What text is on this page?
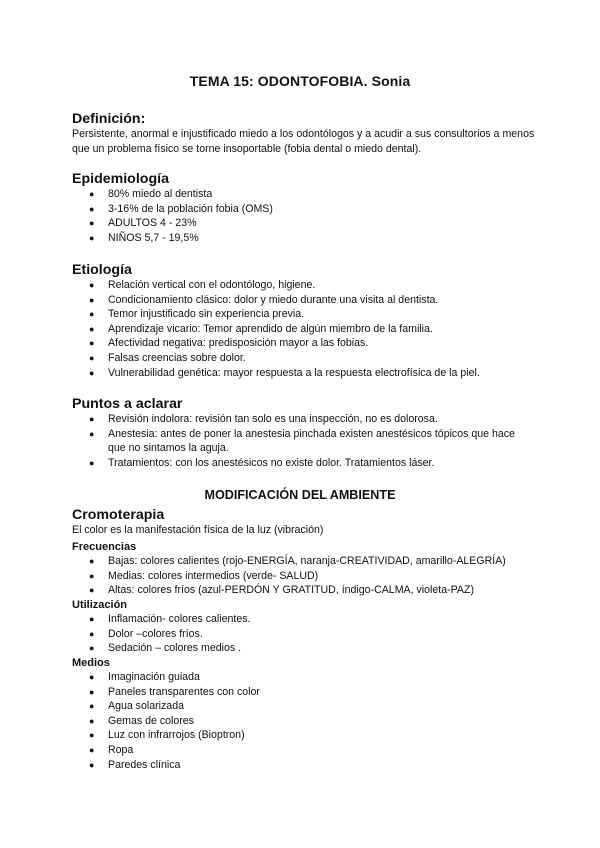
TEMA 15: ODONTOFOBIA. Sonia
Definición:
Persistente, anormal e injustificado miedo a los odontólogos y a acudir a sus consultorios a menos que un problema físico se torne insoportable (fobia dental o miedo dental).
Epidemiología
● 80% miedo al dentista
● 3-16% de la población fobia (OMS)
● ADULTOS 4 - 23%
● NIÑOS 5,7 - 19,5%
Etiología
● Relación vertical con el odontólogo, higiene.
● Condicionamiento clásico: dolor y miedo durante una visita al dentista.
● Temor injustificado sin experiencia previa.
● Aprendizaje vicario: Temor aprendido de algún miembro de la familia.
● Afectividad negativa: predisposición mayor a las fobias.
● Falsas creencias sobre dolor.
● Vulnerabilidad genética: mayor respuesta a la respuesta electrofísica de la piel.
Puntos a aclarar
● Revisión indolora: revisión tan solo es una inspección, no es dolorosa.
● Anestesia: antes de poner la anestesia pinchada existen anestésicos tópicos que hace que no sintamos la aguja.
● Tratamientos: con los anestésicos no existe dolor. Tratamientos láser.
MODIFICACIÓN DEL AMBIENTE
Cromoterapia
El color es la manifestación física de la luz (vibración)
Frecuencias
● Bajas: colores calientes (rojo-ENERGÍA, naranja-CREATIVIDAD, amarillo-ALEGRÍA)
● Medias: colores intermedios (verde- SALUD)
● Altas: colores fríos (azul-PERDÓN Y GRATITUD, índigo-CALMA, violeta-PAZ)
Utilización
● Inflamación- colores calientes.
● Dolor –colores fríos.
● Sedación – colores medios .
Medios
● Imaginación guiada
● Paneles transparentes con color
● Agua solarizada
● Gemas de colores
● Luz con infrarrojos (Bioptron)
● Ropa
● Paredes clínica
